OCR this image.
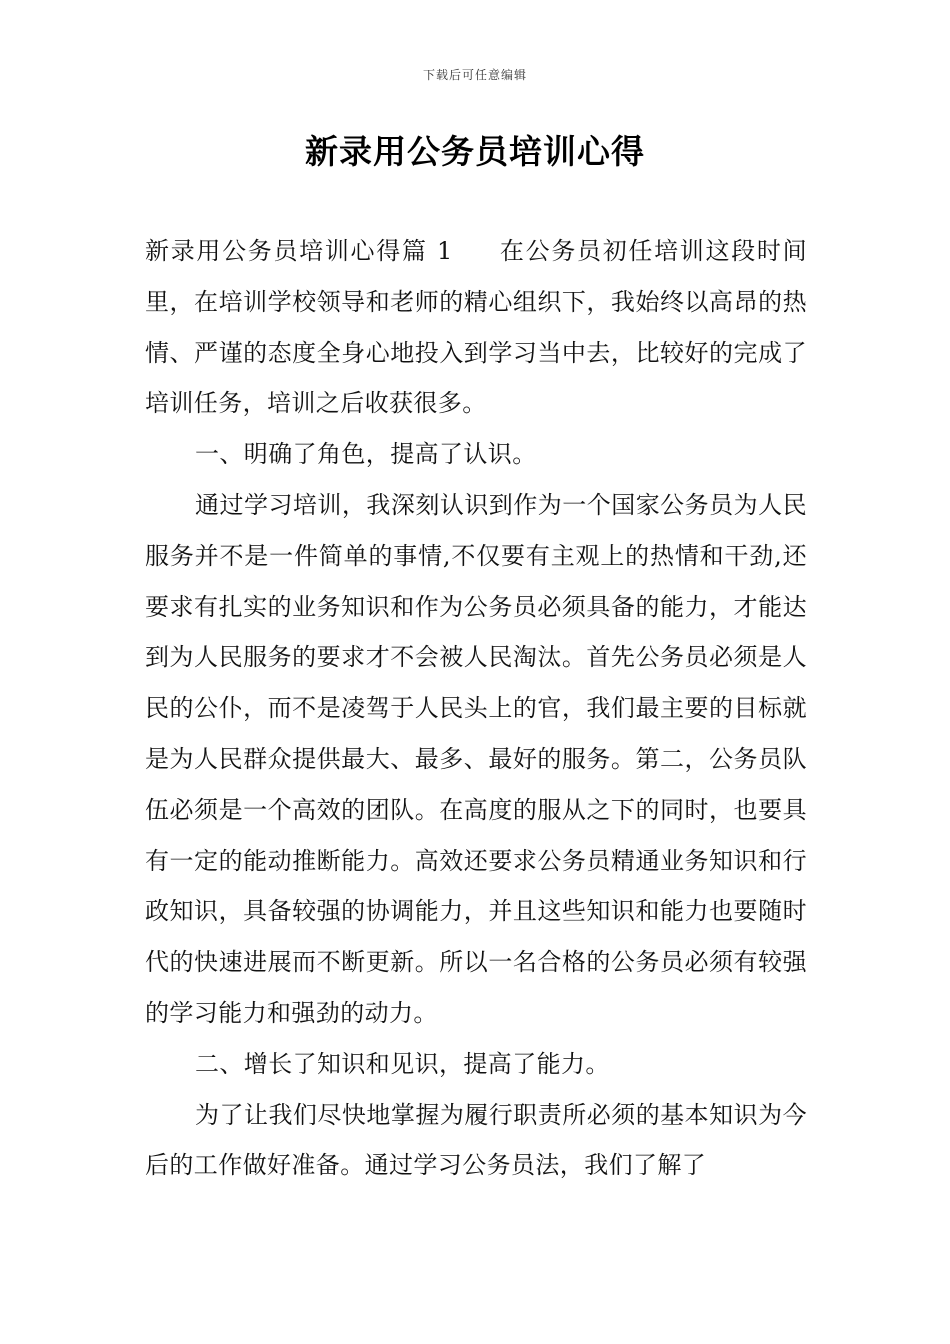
下载后可任意编辑
新录用公务员培训心得

新录用公务员培训心得篇 1 在公务员初任培训这段时间里，在培训学校领导和老师的精心组织下，我始终以高昂的热情、严谨的态度全身心地投入到学习当中去，比较好的完成了培训任务，培训之后收获很多。

一、明确了角色，提高了认识。

通过学习培训，我深刻认识到作为一个国家公务员为人民服务并不是一件简单的事情,不仅要有主观上的热情和干劲,还要求有扎实的业务知识和作为公务员必须具备的能力，才能达到为人民服务的要求才不会被人民淘汰。首先公务员必须是人民的公仆，而不是凌驾于人民头上的官，我们最主要的目标就是为人民群众提供最大、最多、最好的服务。第二，公务员队伍必须是一个高效的团队。在高度的服从之下的同时，也要具有一定的能动推断能力。高效还要求公务员精通业务知识和行政知识，具备较强的协调能力，并且这些知识和能力也要随时代的快速进展而不断更新。所以一名合格的公务员必须有较强的学习能力和强劲的动力。

二、增长了知识和见识，提高了能力。

为了让我们尽快地掌握为履行职责所必须的基本知识为今后的工作做好准备。通过学习公务员法，我们了解了
